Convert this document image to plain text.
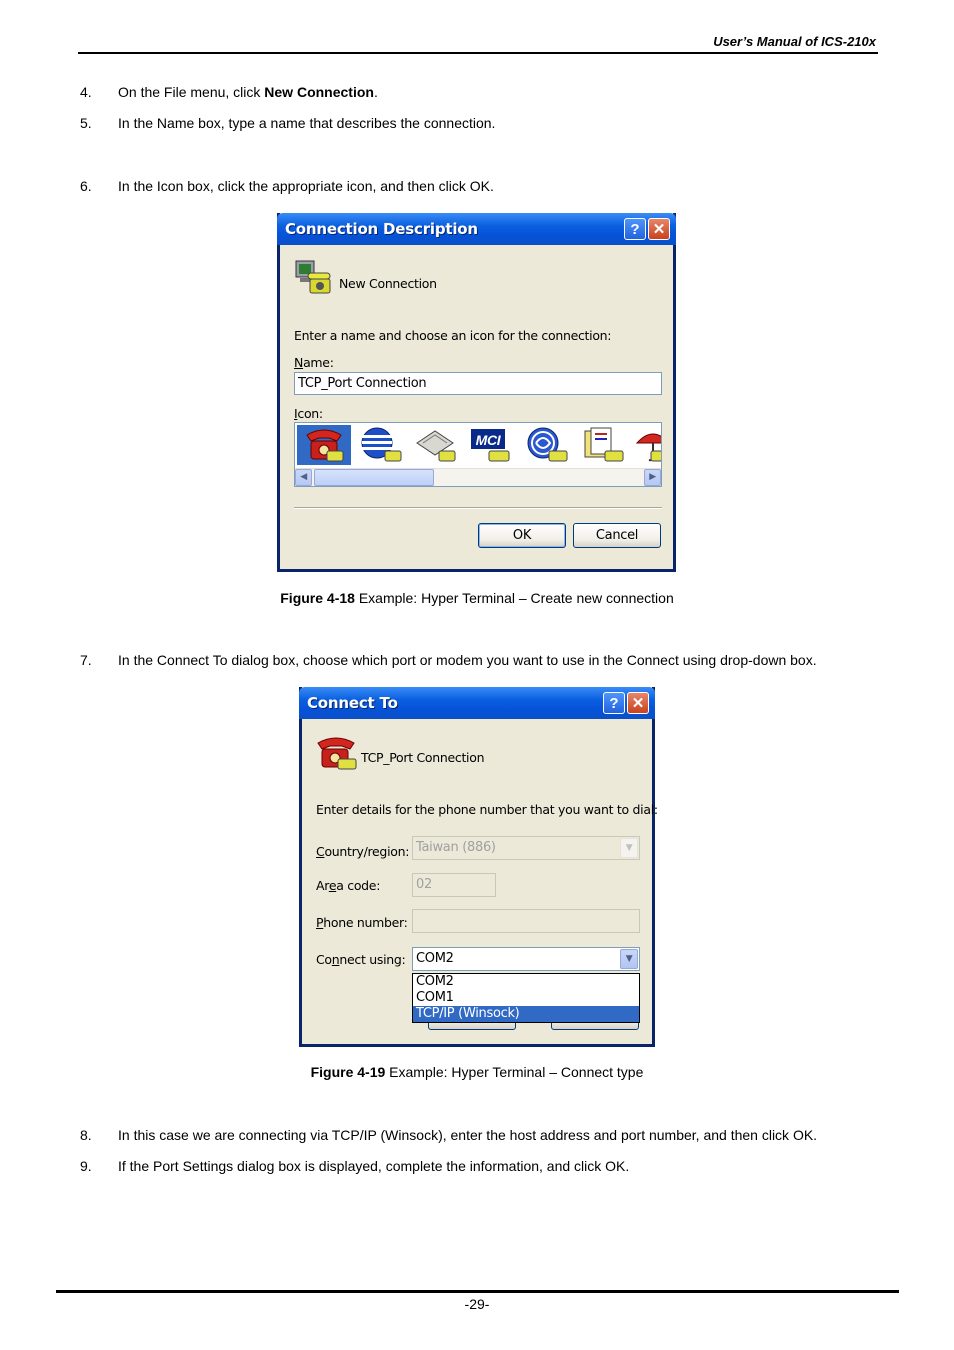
User’s Manual of ICS-210x
4. On the File menu, click New Connection.
5. In the Name box, type a name that describes the connection.
6. In the Icon box, click the appropriate icon, and then click OK.
Connection Description	? ✕
New Connection
Enter a name and choose an icon for the connection:
Name:
TCP_Port Connection
Icon:
MCI
◀	▶
OK	Cancel
Figure 4-18 Example: Hyper Terminal – Create new connection
7. In the Connect To dialog box, choose which port or modem you want to use in the Connect using drop-down box.
Connect To	? ✕
TCP_Port Connection
Enter details for the phone number that you want to dial:
Country/region: Taiwan (886)	▼
Area code:	02
Phone number:
Connect using: COM2	▼
COM2
COM1
TCP/IP (Winsock)
Figure 4-19 Example: Hyper Terminal – Connect type
8. In this case we are connecting via TCP/IP (Winsock), enter the host address and port number, and then click OK.
9. If the Port Settings dialog box is displayed, complete the information, and click OK.
-29-
